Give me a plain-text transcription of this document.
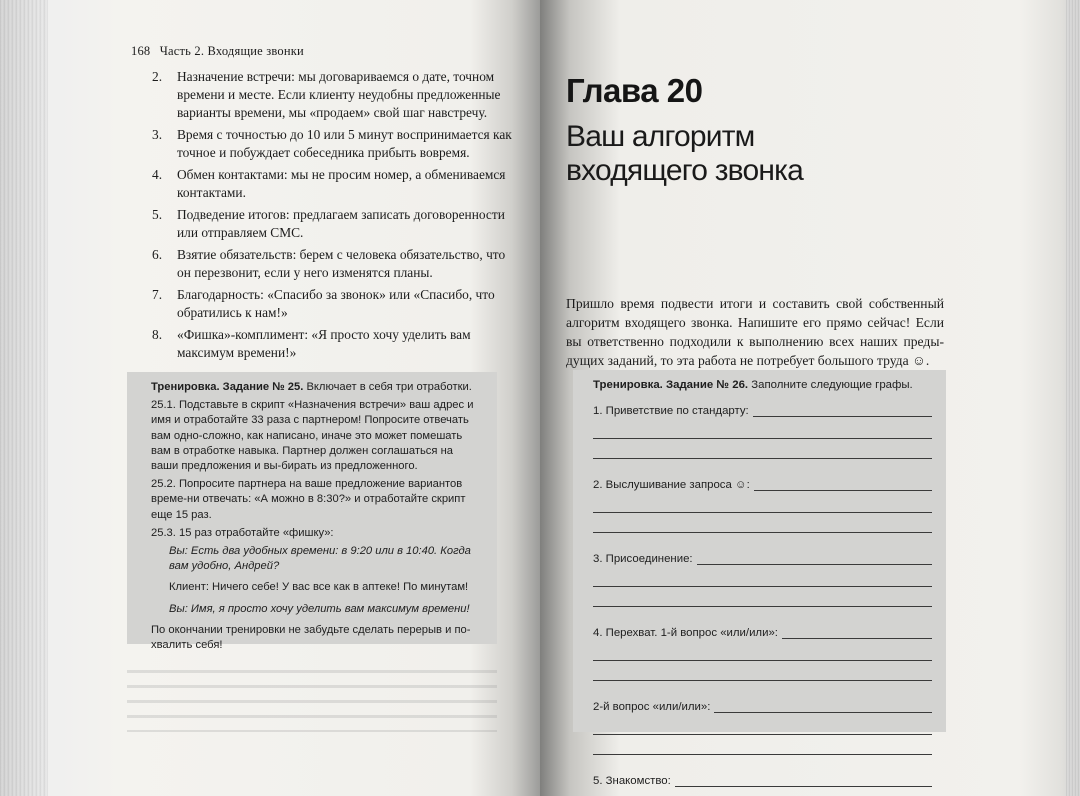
168 Часть 2. Входящие звонки
2.	Назначение встречи: мы договариваемся о дате, точном времени и месте. Если клиенту неудобны предложенные варианты времени, мы «продаем» свой шаг навстречу.
3.	Время с точностью до 10 или 5 минут воспринимается как точное и побуждает собеседника прибыть вовремя.
4.	Обмен контактами: мы не просим номер, а обмениваемся контактами.
5.	Подведение итогов: предлагаем записать договоренности или отправляем СМС.
6.	Взятие обязательств: берем с человека обязательство, что он перезвонит, если у него изменятся планы.
7.	Благодарность: «Спасибо за звонок» или «Спасибо, что обратились к нам!»
8.	«Фишка»-комплимент: «Я просто хочу уделить вам максимум времени!»

Тренировка. Задание № 25. Включает в себя три отработки.

25.1. Подставьте в скрипт «Назначения встречи» ваш адрес и имя и отработайте 33 раза с партнером! Попросите отвечать вам одно-сложно, как написано, иначе это может помешать вам в отработке навыка. Партнер должен соглашаться на ваши предложения и вы-бирать из предложенного.

25.2. Попросите партнера на ваше предложение вариантов време-ни отвечать: «А можно в 8:30?» и отработайте скрипт еще 15 раз.

25.3. 15 раз отработайте «фишку»:

Вы: Есть два удобных времени: в 9:20 или в 10:40. Когда вам удобно, Андрей?

Клиент: Ничего себе! У вас все как в аптеке! По минутам!

Вы: Имя, я просто хочу уделить вам максимум времени!

По окончании тренировки не забудьте сделать перерыв и по-хвалить себя!

Глава 20
Ваш алгоритм входящего звонка

Пришло время подвести итоги и составить свой собственный алгоритм входящего звонка. Напишите его прямо сейчас! Если вы ответственно подходили к выполнению всех наших преды-дущих заданий, то эта работа не потребует большого труда ☺.

Тренировка. Задание № 26. Заполните следующие графы.

1. Приветствие по стандарту:
2. Выслушивание запроса ☺:
3. Присоединение:
4. Перехват. 1-й вопрос «или/или»:
2-й вопрос «или/или»:
5. Знакомство:
